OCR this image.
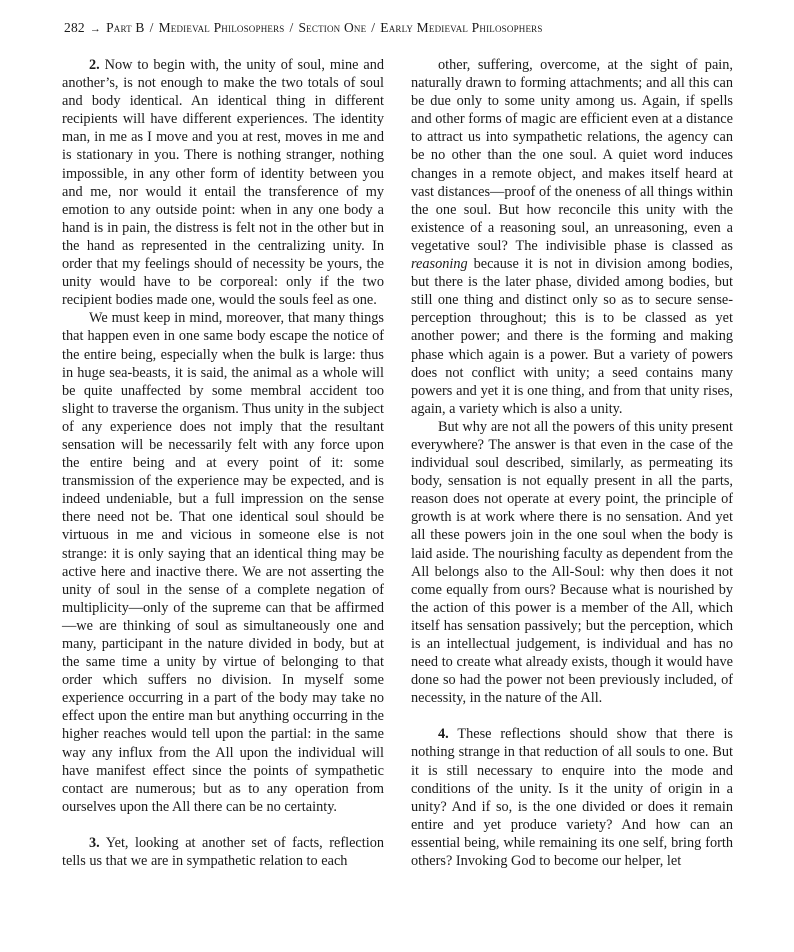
282 → Part B / Medieval Philosophers / Section One / Early Medieval Philosophers

2. Now to begin with, the unity of soul, mine and another’s, is not enough to make the two totals of soul and body identical. An identical thing in different recipients will have different experiences. The identity man, in me as I move and you at rest, moves in me and is stationary in you. There is nothing stranger, nothing impossible, in any other form of identity between you and me, nor would it entail the transference of my emotion to any outside point: when in any one body a hand is in pain, the distress is felt not in the other but in the hand as represented in the centralizing unity. In order that my feelings should of necessity be yours, the unity would have to be corporeal: only if the two recipient bodies made one, would the souls feel as one.

We must keep in mind, moreover, that many things that happen even in one same body escape the notice of the entire being, especially when the bulk is large: thus in huge sea-beasts, it is said, the animal as a whole will be quite unaffected by some membral accident too slight to traverse the organism. Thus unity in the subject of any experience does not imply that the resultant sensation will be necessarily felt with any force upon the entire being and at every point of it: some transmission of the experience may be expected, and is indeed undeniable, but a full impression on the sense there need not be. That one identical soul should be virtuous in me and vicious in someone else is not strange: it is only saying that an identical thing may be active here and inactive there. We are not asserting the unity of soul in the sense of a complete negation of multiplicity—only of the supreme can that be affirmed—we are thinking of soul as simultaneously one and many, participant in the nature divided in body, but at the same time a unity by virtue of belonging to that order which suffers no division. In myself some experience occurring in a part of the body may take no effect upon the entire man but anything occurring in the higher reaches would tell upon the partial: in the same way any influx from the All upon the individual will have manifest effect since the points of sympathetic contact are numerous; but as to any operation from ourselves upon the All there can be no certainty.

3. Yet, looking at another set of facts, reflection tells us that we are in sympathetic relation to each

other, suffering, overcome, at the sight of pain, naturally drawn to forming attachments; and all this can be due only to some unity among us. Again, if spells and other forms of magic are efficient even at a distance to attract us into sympathetic relations, the agency can be no other than the one soul. A quiet word induces changes in a remote object, and makes itself heard at vast distances—proof of the oneness of all things within the one soul. But how reconcile this unity with the existence of a reasoning soul, an unreasoning, even a vegetative soul? The indivisible phase is classed as reasoning because it is not in division among bodies, but there is the later phase, divided among bodies, but still one thing and distinct only so as to secure sense-perception throughout; this is to be classed as yet another power; and there is the forming and making phase which again is a power. But a variety of powers does not conflict with unity; a seed contains many powers and yet it is one thing, and from that unity rises, again, a variety which is also a unity.

But why are not all the powers of this unity present everywhere? The answer is that even in the case of the individual soul described, similarly, as permeating its body, sensation is not equally present in all the parts, reason does not operate at every point, the principle of growth is at work where there is no sensation. And yet all these powers join in the one soul when the body is laid aside. The nourishing faculty as dependent from the All belongs also to the All-Soul: why then does it not come equally from ours? Because what is nourished by the action of this power is a member of the All, which itself has sensation passively; but the perception, which is an intellectual judgement, is individual and has no need to create what already exists, though it would have done so had the power not been previously included, of necessity, in the nature of the All.

4. These reflections should show that there is nothing strange in that reduction of all souls to one. But it is still necessary to enquire into the mode and conditions of the unity. Is it the unity of origin in a unity? And if so, is the one divided or does it remain entire and yet produce variety? And how can an essential being, while remaining its one self, bring forth others? Invoking God to become our helper, let
